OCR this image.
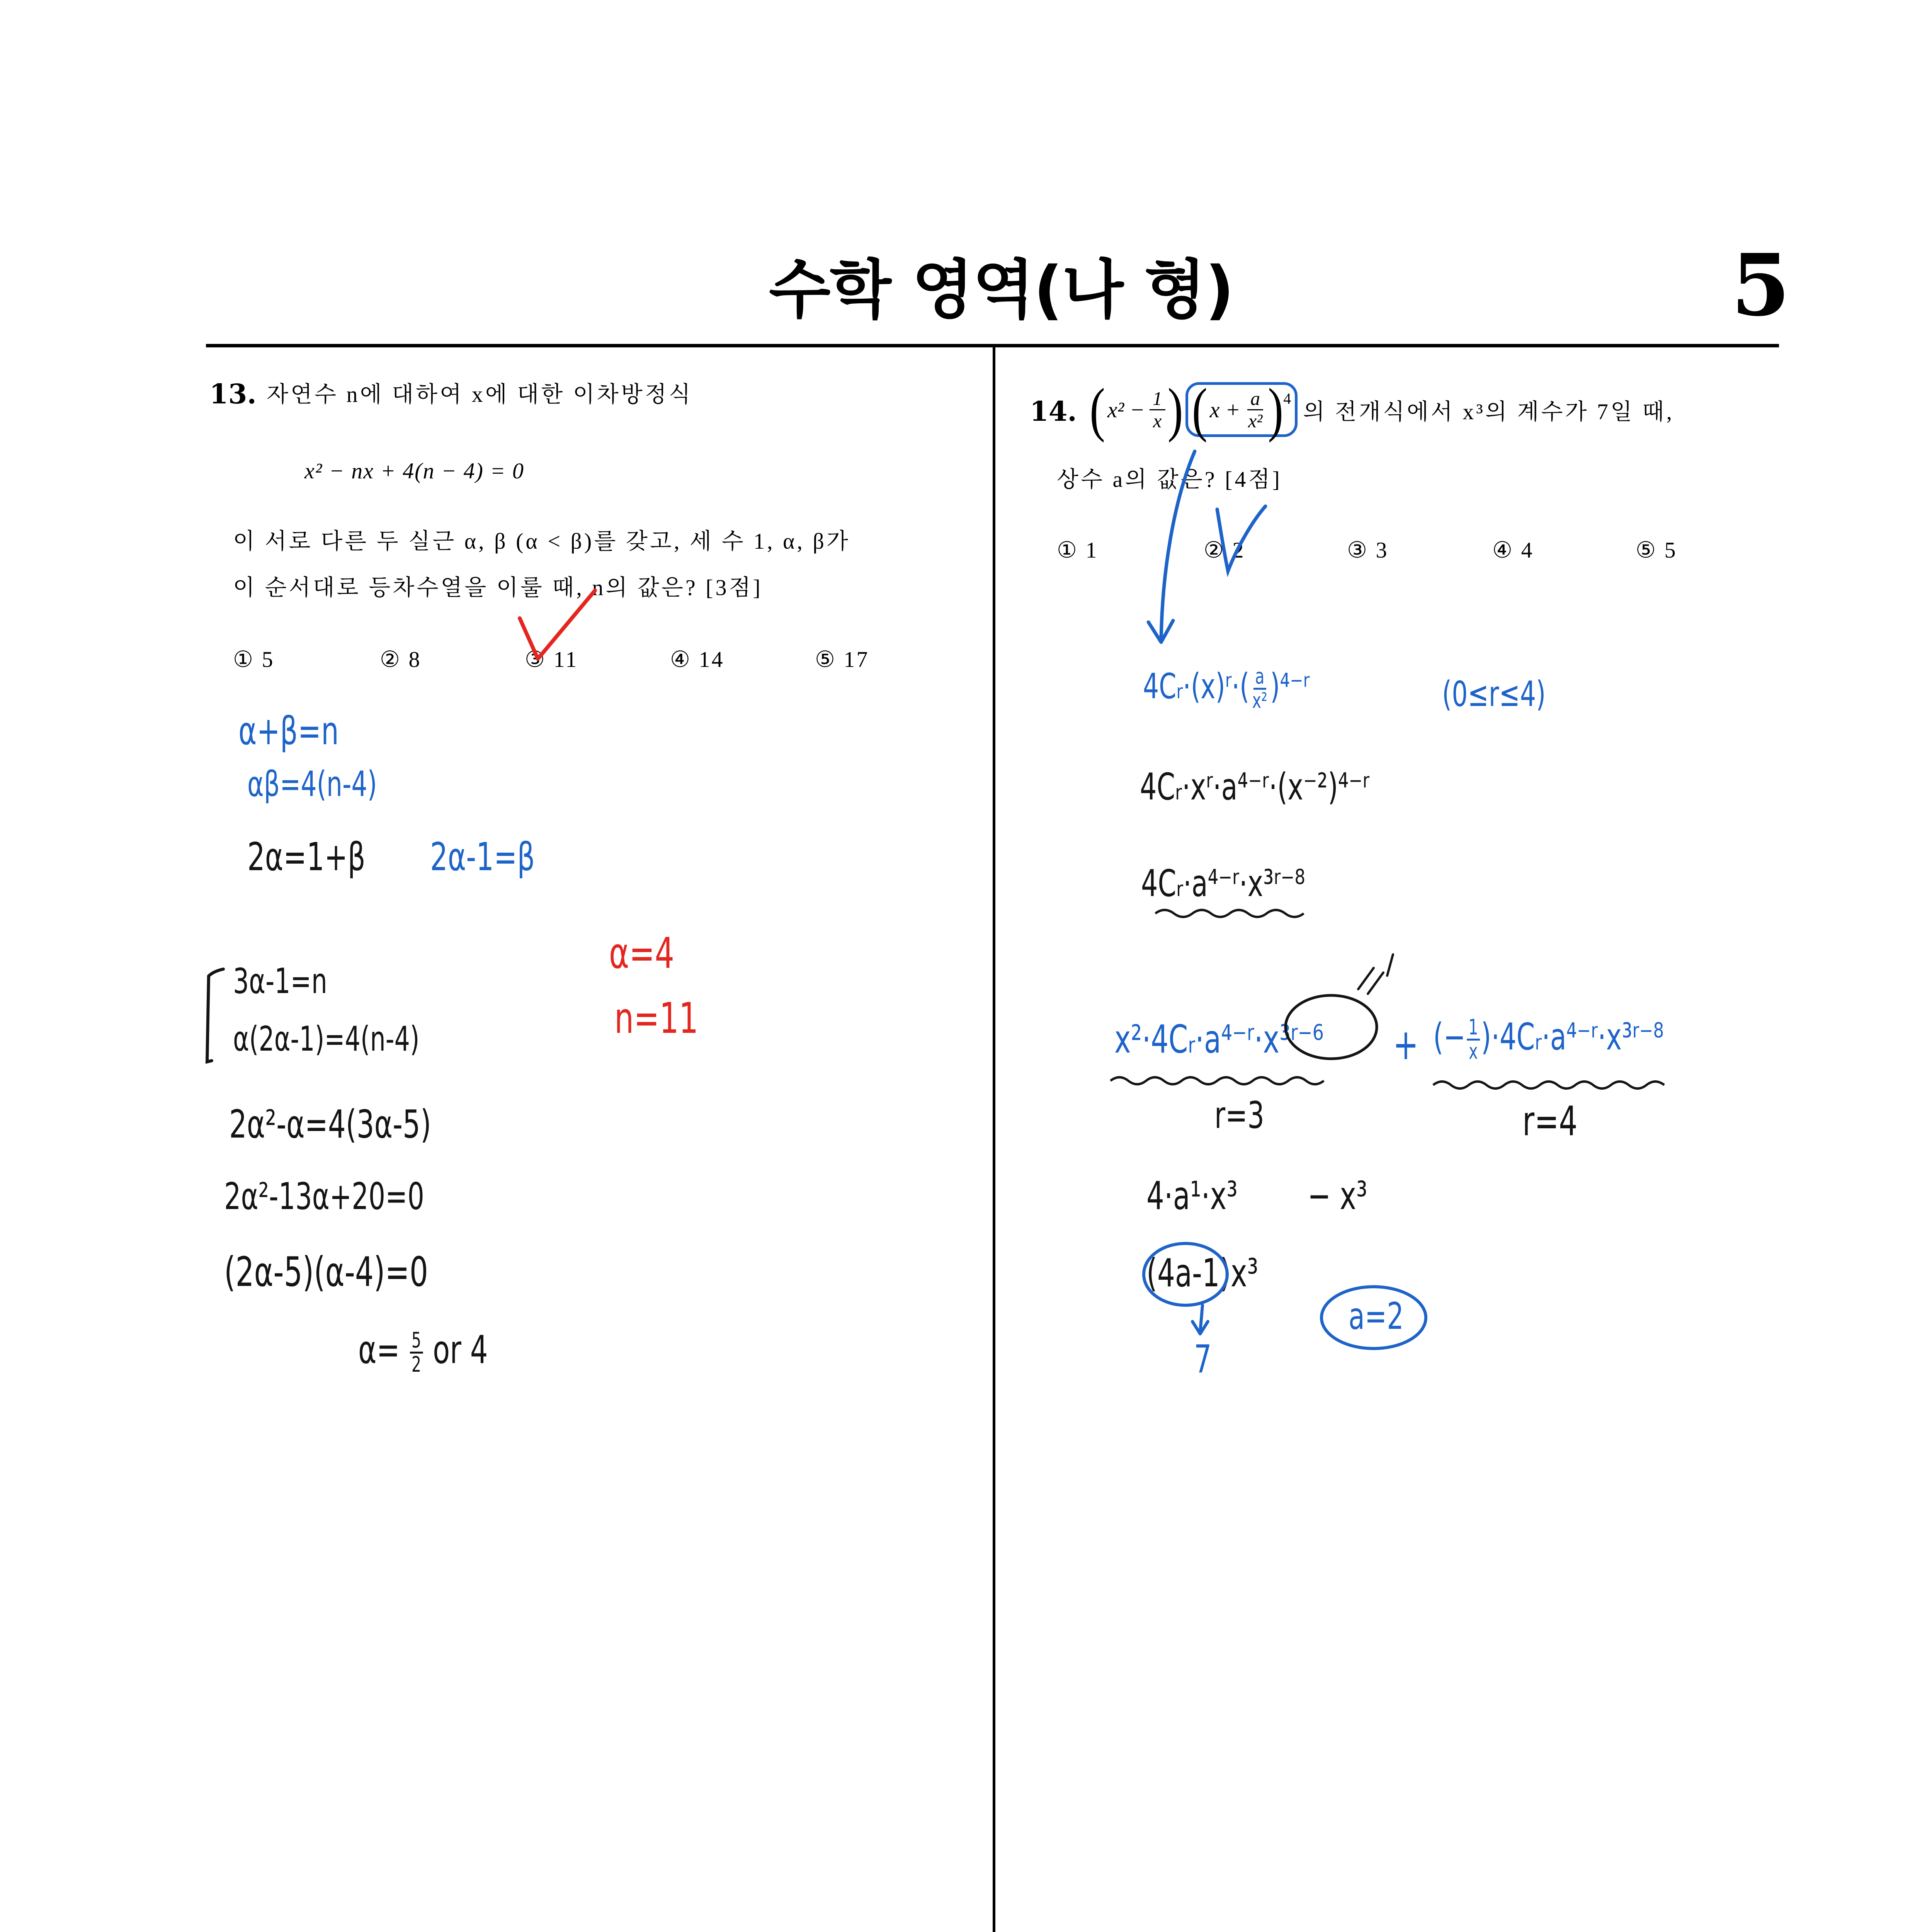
수학 영역(나 형)	5
13. 자연수 n에 대하여 x에 대한 이차방정식
x² − nx + 4(n − 4) = 0
이 서로 다른 두 실근 α, β (α < β)를 갖고, 세 수 1, α, β가
이 순서대로 등차수열을 이룰 때, n의 값은? [3점]
① 5	② 8	③ 11	④ 14	⑤ 17
14. ( $x^2 - \frac{1}{x}$ ) ( $x + \frac{a}{\text{x²}}$ ) 4
의 전개식에서 x³의 계수가 7일 때,
상수 a의 값은? [4점]
① 1	② 2	③ 3	④ 4	⑤ 5
α+β=n
αβ=4(n-4)
2α=1+β 2α-1=β
3α-1=n
α(2α-1)=4(n-4)
2α²-α=4(3α-5)
2α²-13α+20=0
(2α-5)(α-4)=0
$\alpha= \frac{5}{2}$ or 4
α=4
n=11
4Cᵣ·(x)ʳ·( $\frac{a}{\text{x²}}$ )⁴⁻ʳ	(0≤r≤4)
4Cᵣ·xʳ·a⁴⁻ʳ·(x⁻²)⁴⁻ʳ
4Cᵣ·a⁴⁻ʳ·x³ʳ⁻⁸
x²·4Cᵣ·a⁴⁻ʳ·x³ʳ⁻⁶ + (− $\frac{1}{x}$ )·4Cᵣ·a⁴⁻ʳ·x³ʳ⁻⁸
r=3	r=4
4·a¹·x³ − x³
(4a-1)x³
7
a=2
